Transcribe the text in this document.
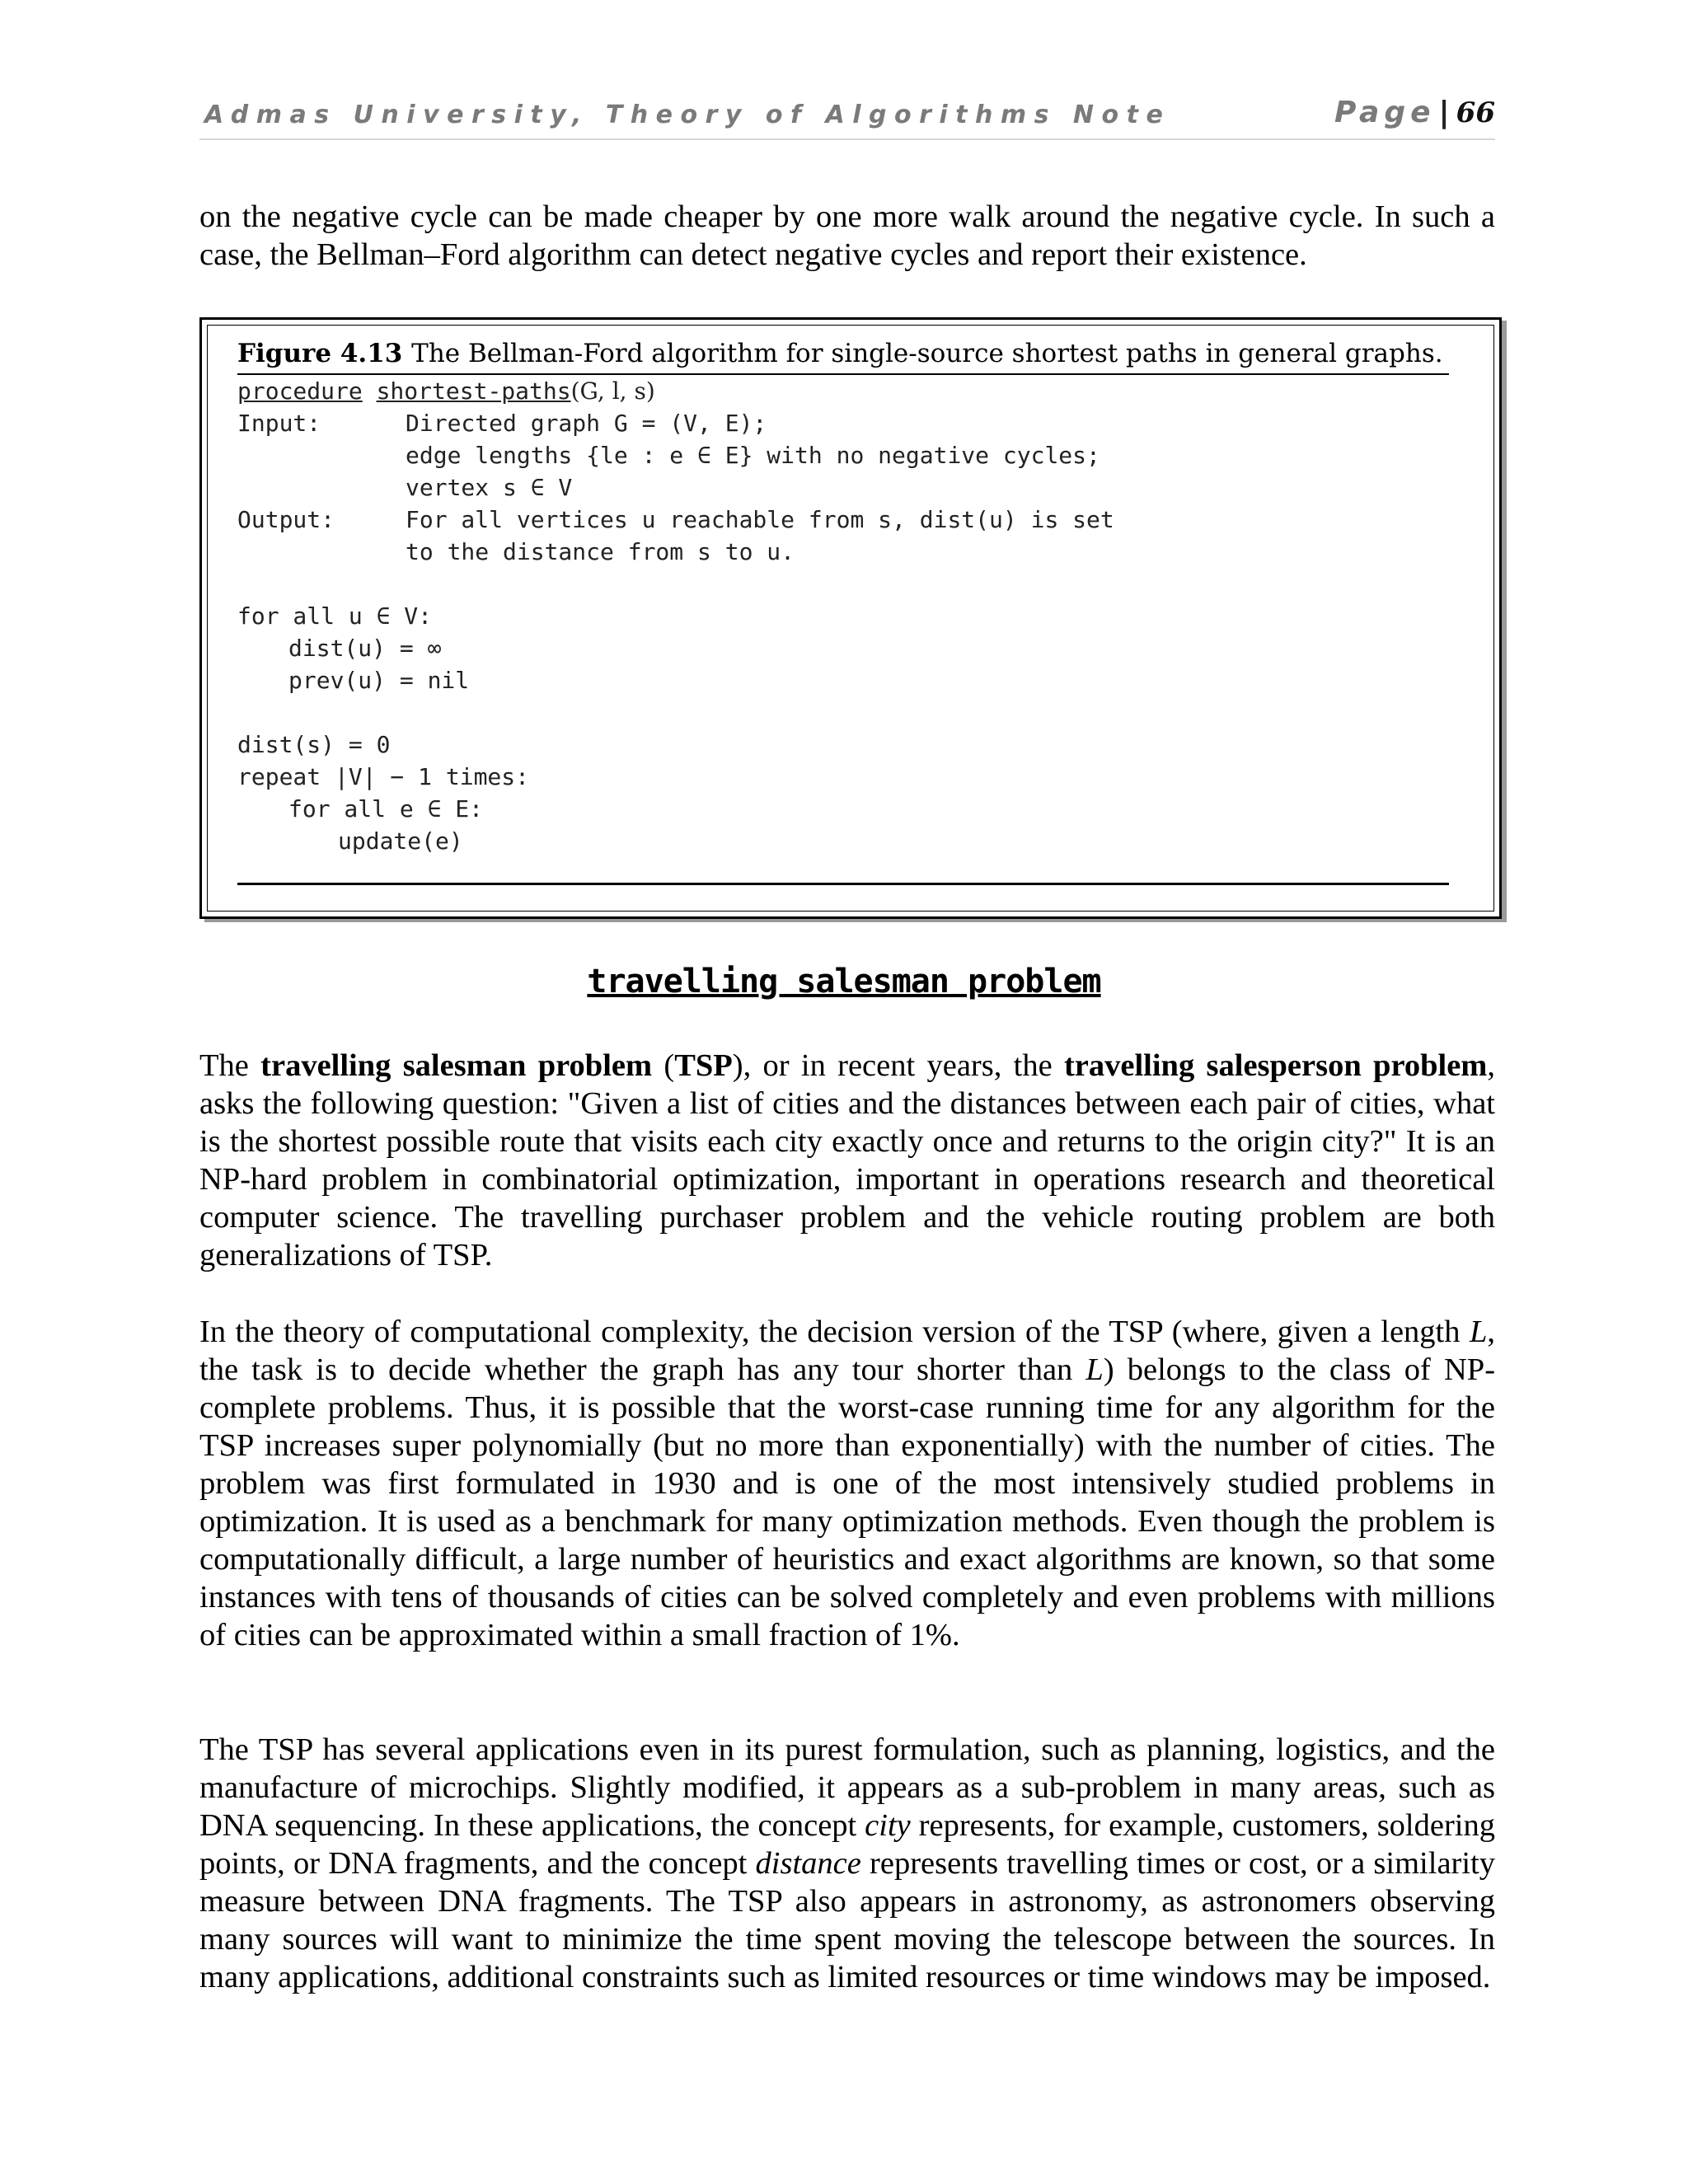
Admas University, Theory of Algorithms Note	Page | 66

on the negative cycle can be made cheaper by one more walk around the negative cycle. In such a case, the Bellman–Ford algorithm can detect negative cycles and report their existence.

Figure 4.13 The Bellman-Ford algorithm for single-source shortest paths in general graphs.
procedure shortest-paths(G, l, s)
Input:	Directed graph G = (V, E);
edge lengths {le : e ∈ E} with no negative cycles;
vertex s ∈ V
Output:	For all vertices u reachable from s, dist(u) is set
to the distance from s to u.
for all u ∈ V:
dist(u) = ∞
prev(u) = nil
dist(s) = 0
repeat |V| − 1 times:
for all e ∈ E:
update(e)
travelling salesman problem

The travelling salesman problem (TSP), or in recent years, the travelling salesperson problem, asks the following question: "Given a list of cities and the distances between each pair of cities, what is the shortest possible route that visits each city exactly once and returns to the origin city?" It is an NP-hard problem in combinatorial optimization, important in operations research and theoretical computer science. The travelling purchaser problem and the vehicle routing problem are both generalizations of TSP.

In the theory of computational complexity, the decision version of the TSP (where, given a length L, the task is to decide whether the graph has any tour shorter than L) belongs to the class of NP-complete problems. Thus, it is possible that the worst-case running time for any algorithm for the TSP increases super polynomially (but no more than exponentially) with the number of cities. The problem was first formulated in 1930 and is one of the most intensively studied problems in optimization. It is used as a benchmark for many optimization methods. Even though the problem is computationally difficult, a large number of heuristics and exact algorithms are known, so that some instances with tens of thousands of cities can be solved completely and even problems with millions of cities can be approximated within a small fraction of 1%.

The TSP has several applications even in its purest formulation, such as planning, logistics, and the manufacture of microchips. Slightly modified, it appears as a sub-problem in many areas, such as DNA sequencing. In these applications, the concept city represents, for example, customers, soldering points, or DNA fragments, and the concept distance represents travelling times or cost, or a similarity measure between DNA fragments. The TSP also appears in astronomy, as astronomers observing many sources will want to minimize the time spent moving the telescope between the sources. In many applications, additional constraints such as limited resources or time windows may be imposed.
